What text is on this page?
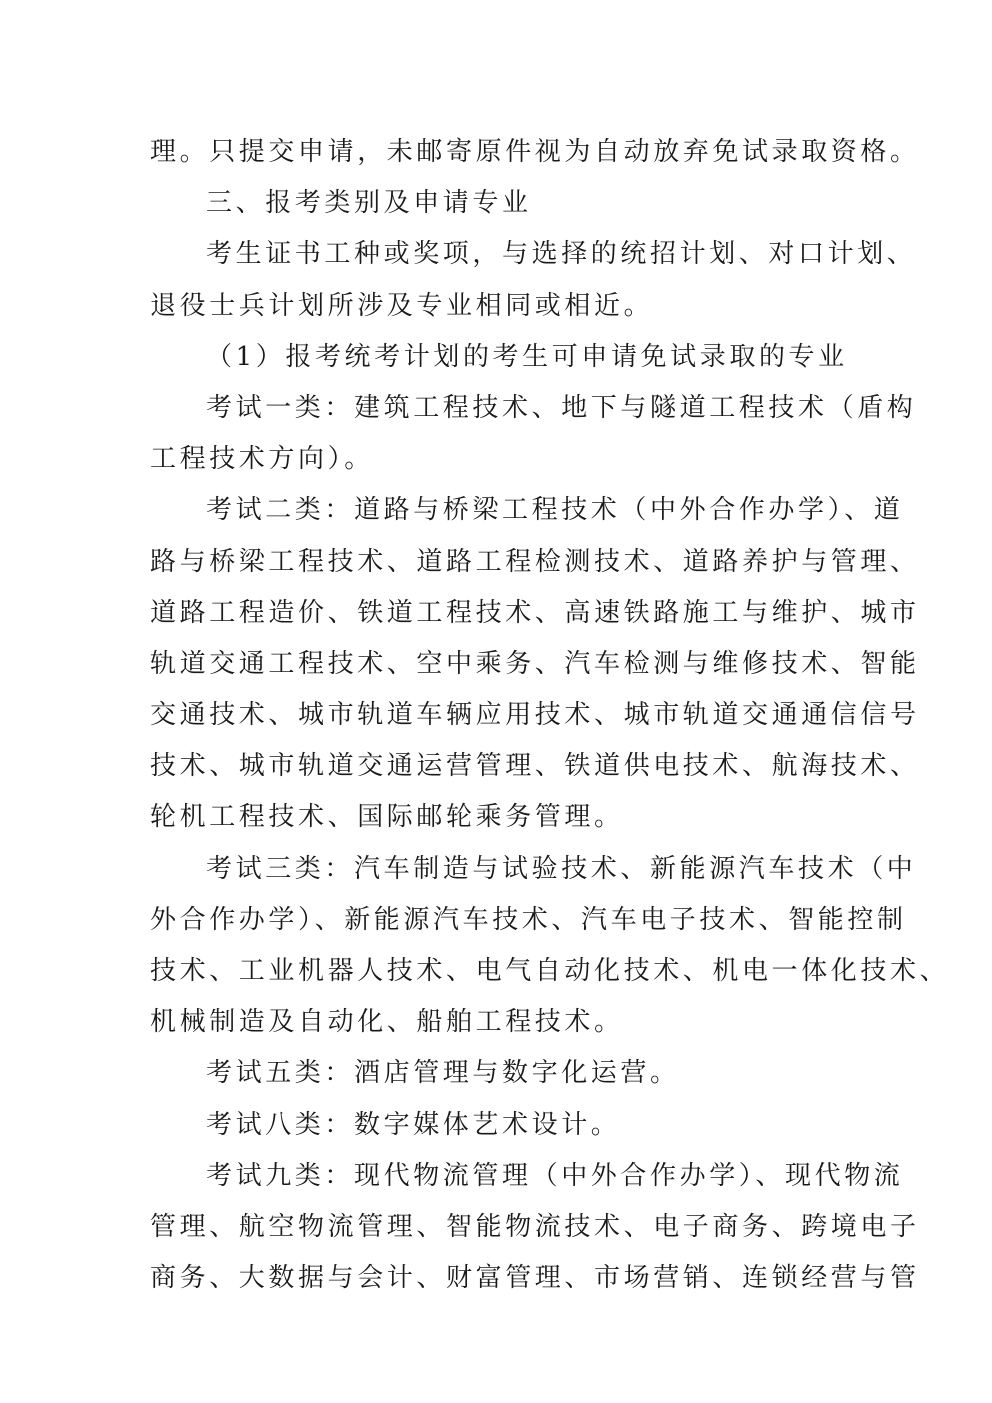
理。只提交申请，未邮寄原件视为自动放弃免试录取资格。
三、报考类别及申请专业
考生证书工种或奖项，与选择的统招计划、对口计划、
退役士兵计划所涉及专业相同或相近。
（1）报考统考计划的考生可申请免试录取的专业
考试一类：建筑工程技术、地下与隧道工程技术（盾构
工程技术方向）。
考试二类：道路与桥梁工程技术（中外合作办学）、道
路与桥梁工程技术、道路工程检测技术、道路养护与管理、
道路工程造价、铁道工程技术、高速铁路施工与维护、城市
轨道交通工程技术、空中乘务、汽车检测与维修技术、智能
交通技术、城市轨道车辆应用技术、城市轨道交通通信信号
技术、城市轨道交通运营管理、铁道供电技术、航海技术、
轮机工程技术、国际邮轮乘务管理。
考试三类：汽车制造与试验技术、新能源汽车技术（中
外合作办学）、新能源汽车技术、汽车电子技术、智能控制
技术、工业机器人技术、电气自动化技术、机电一体化技术、
机械制造及自动化、船舶工程技术。
考试五类：酒店管理与数字化运营。
考试八类：数字媒体艺术设计。
考试九类：现代物流管理（中外合作办学）、现代物流
管理、航空物流管理、智能物流技术、电子商务、跨境电子
商务、大数据与会计、财富管理、市场营销、连锁经营与管
